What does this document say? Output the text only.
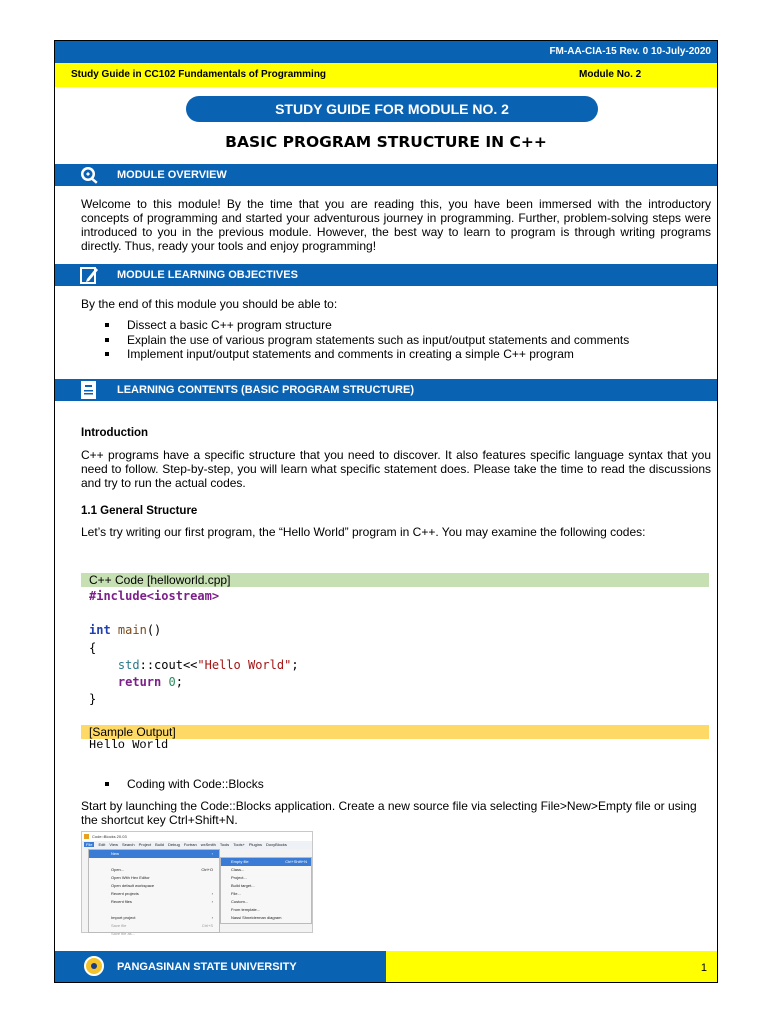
FM-AA-CIA-15 Rev. 0 10-July-2020
Study Guide in CC102 Fundamentals of Programming	Module No. 2
STUDY GUIDE FOR MODULE NO. 2
BASIC PROGRAM STRUCTURE IN C++
MODULE OVERVIEW

Welcome to this module! By the time that you are reading this, you have been immersed with the introductory concepts of programming and started your adventurous journey in programming. Further, problem-solving steps were introduced to you in the previous module. However, the best way to learn to program is through writing programs directly. Thus, ready your tools and enjoy programming!

MODULE LEARNING OBJECTIVES

By the end of this module you should be able to:

Dissect a basic C++ program structure
Explain the use of various program statements such as input/output statements and comments
Implement input/output statements and comments in creating a simple C++ program
LEARNING CONTENTS (BASIC PROGRAM STRUCTURE)
Introduction

C++ programs have a specific structure that you need to discover. It also features specific language syntax that you need to follow. Step-by-step, you will learn what specific statement does. Please take the time to read the discussions and try to run the actual codes.

1.1 General Structure

Let’s try writing our first program, the “Hello World” program in C++. You may examine the following codes:

C++ Code [helloworld.cpp]
#include<iostream>
int main()
{
std::cout<<"Hello World";
return 0;
}
[Sample Output]
Hello World
Coding with Code::Blocks

Start by launching the Code::Blocks application. Create a new source file via selecting File>New>Empty file or using the shortcut key Ctrl+Shift+N.

Code::Blocks 20.03
File Edit View Search Project Build Debug Fortran wxSmith Tools Tools+ Plugins DoxyBlocks
New	›
Open...	Ctrl+O
Open With Hex Editor
Open default workspace
Recent projects	›
Recent files	›
Import project	›
Save file	Ctrl+S
Save file as...
Empty file	Ctrl+Shift+N
Class...
Project...
Build target...
File...
Custom...
From template...
Nassi Shneiderman diagram
PANGASINAN STATE UNIVERSITY	1
